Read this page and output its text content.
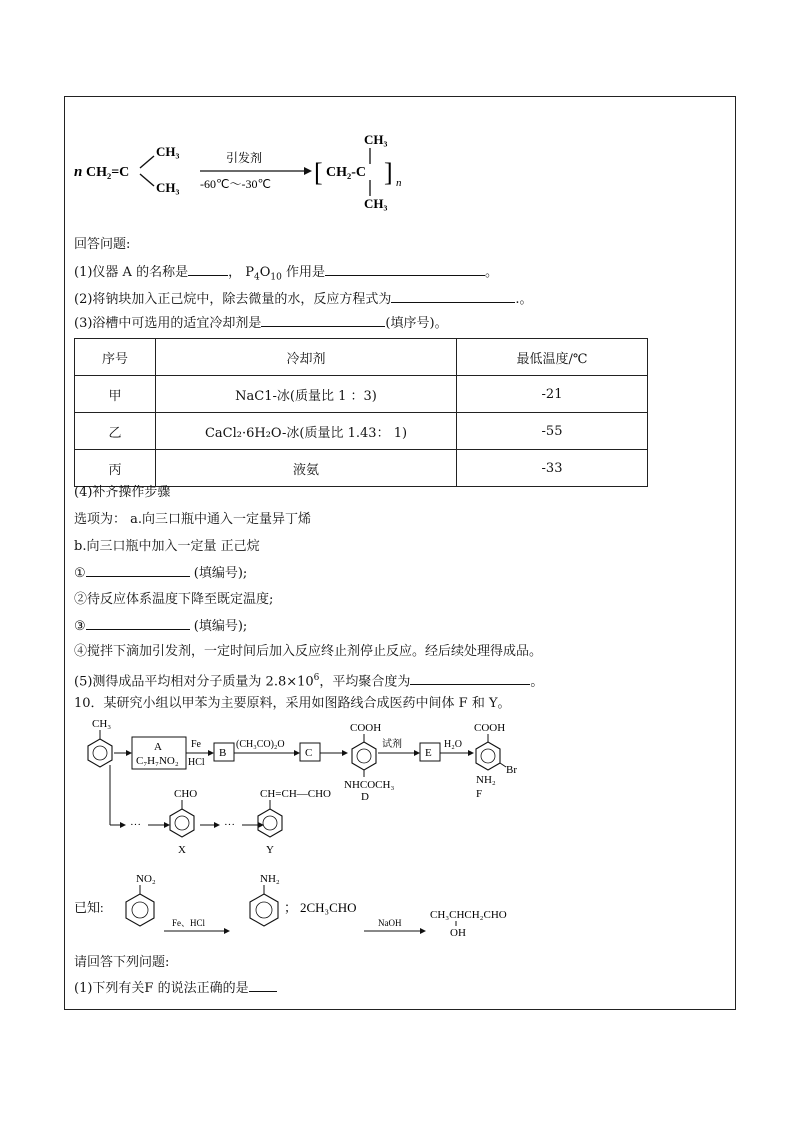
n CH₂=C
CH₃
CH₃
引发剂
-60℃～-30℃ [ CH₂-C
CH₃
CH₃
] n
回答问题:
(1)仪器 A 的名称是	， $P_4O_{10}$ 作用是	。
(2)将钠块加入正己烷中，除去微量的水，反应方程式为	.。
(3)浴槽中可选用的适宜冷却剂是	(填序号)。
序号	冷却剂	最低温度/℃
甲	NaC1-冰(质量比 1 ：3)	-21
乙	CaCl₂·6H₂O-冰(质量比 1.43： 1)	-55
丙	液氨	-33
(4)补齐操作步骤
选项为： a.向三口瓶中通入一定量异丁烯
b.向三口瓶中加入一定量 正己烷
①	(填编号);
②待反应体系温度下降至既定温度;
③	(填编号);
④搅拌下滴加引发剂，一定时间后加入反应终止剂停止反应。经后续处理得成品。
(5)测得成品平均相对分子质量为 $2.8\times 10^6$，平均聚合度为	。
10．某研究小组以甲苯为主要原料，采用如图路线合成医药中间体 F 和 Y。
CH₃
A
C₇H₇NO₂
Fe
HCl
B
(CH₃CO)₂O
C
COOH
NHCOCH₃
D
试剂
E
H₂O
COOH
Br
NH₂
F
···
CHO
X
···
CH=CH—CHO
Y
已知:
NO₂
Fe、HCl
NH₂
； 2CH₃CHO
NaOH
CH₃CHCH₂CHO
OH
请回答下列问题:
(1)下列有关F 的说法正确的是
